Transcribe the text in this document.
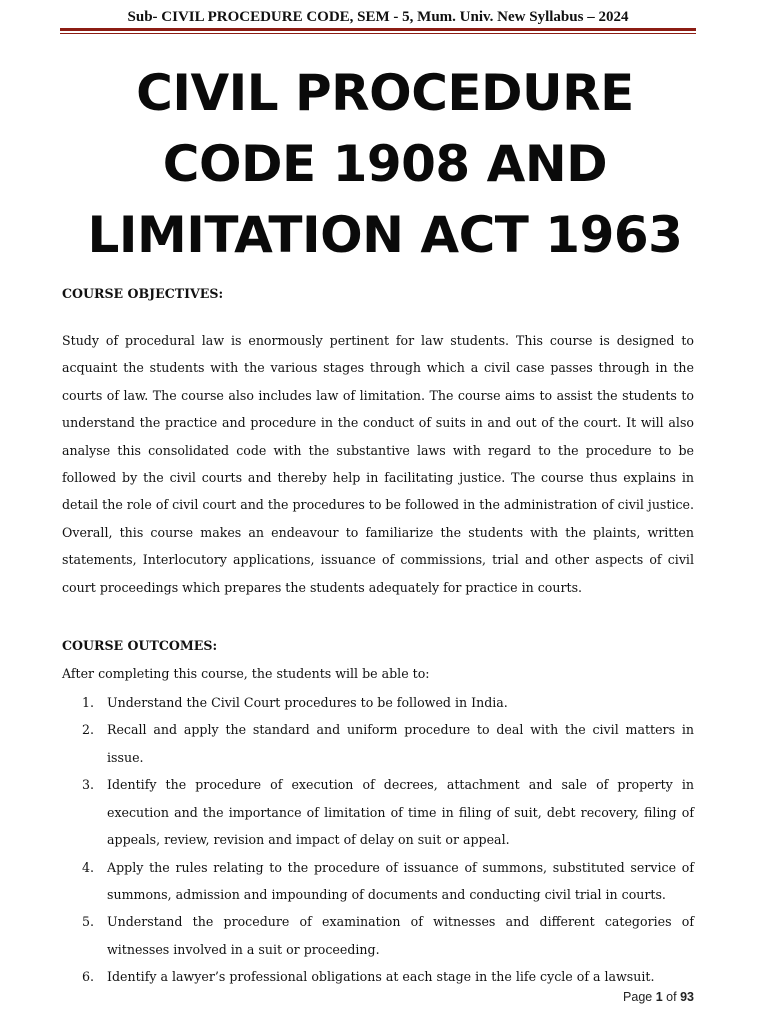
Sub- CIVIL PROCEDURE CODE, SEM - 5, Mum. Univ. New Syllabus – 2024
CIVIL PROCEDURE
CODE 1908 AND
LIMITATION ACT 1963

COURSE OBJECTIVES:

Study of procedural law is enormously pertinent for law students. This course is designed to acquaint the students with the various stages through which a civil case passes through in the courts of law. The course also includes law of limitation. The course aims to assist the students to understand the practice and procedure in the conduct of suits in and out of the court. It will also analyse this consolidated code with the substantive laws with regard to the procedure to be followed by the civil courts and thereby help in facilitating justice. The course thus explains in detail the role of civil court and the procedures to be followed in the administration of civil justice. Overall, this course makes an endeavour to familiarize the students with the plaints, written statements, Interlocutory applications, issuance of commissions, trial and other aspects of civil court proceedings which prepares the students adequately for practice in courts.

COURSE OUTCOMES:

After completing this course, the students will be able to:

1. Understand the Civil Court procedures to be followed in India.
2. Recall and apply the standard and uniform procedure to deal with the civil matters in issue.
3. Identify the procedure of execution of decrees, attachment and sale of property in execution and the importance of limitation of time in filing of suit, debt recovery, filing of appeals, review, revision and impact of delay on suit or appeal.
4. Apply the rules relating to the procedure of issuance of summons, substituted service of summons, admission and impounding of documents and conducting civil trial in courts.
5. Understand the procedure of examination of witnesses and different categories of witnesses involved in a suit or proceeding.
6. Identify a lawyer’s professional obligations at each stage in the life cycle of a lawsuit.
Page 1 of 93
